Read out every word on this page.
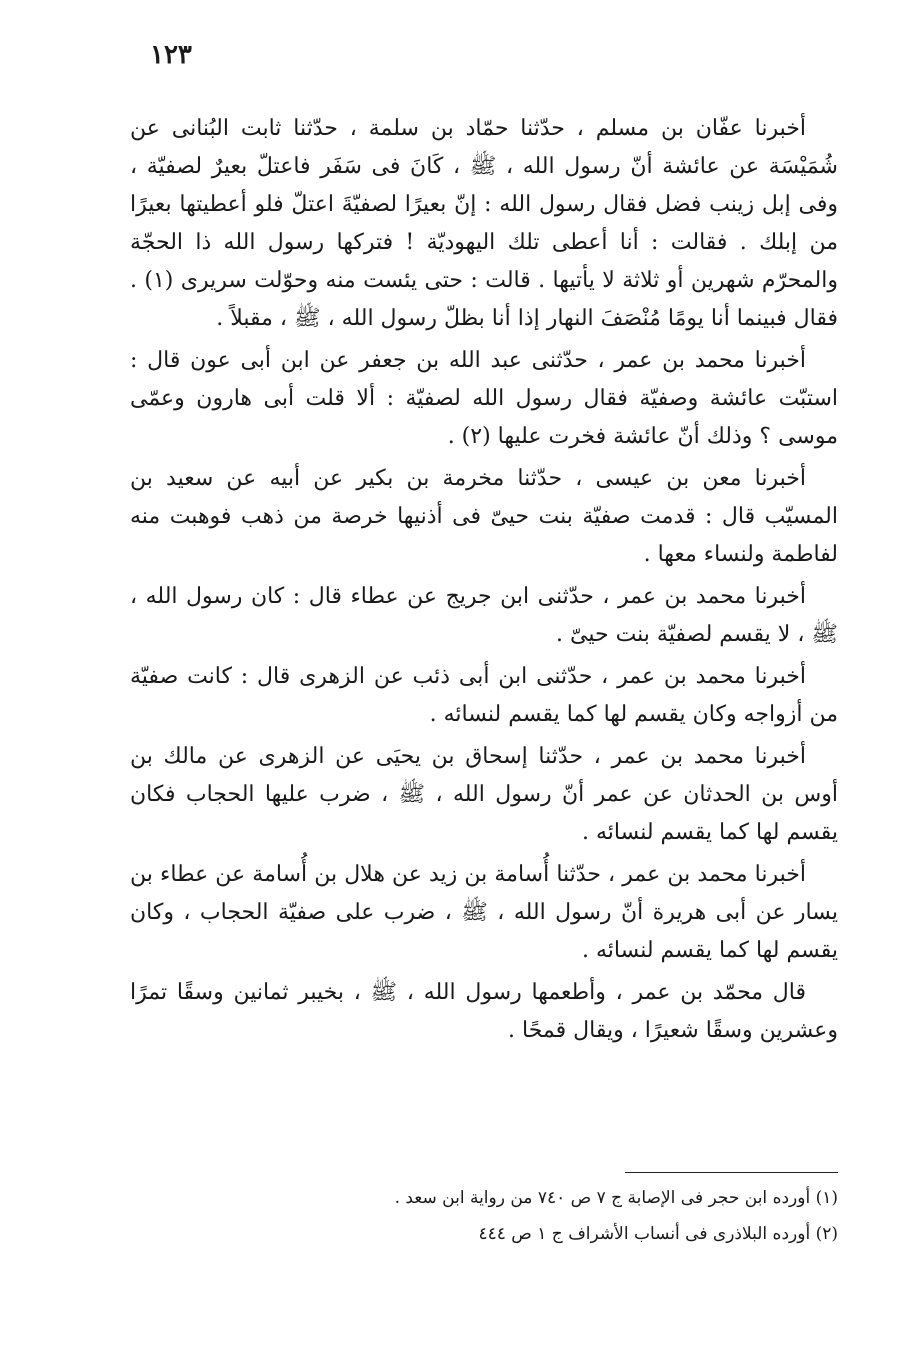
١٢٣

أخبرنا عفّان بن مسلم ، حدّثنا حمّاد بن سلمة ، حدّثنا ثابت البُنانى عن شُمَيْسَة عن عائشة أنّ رسول الله ، ﷺ ، كَانَ فى سَفَر فاعتلّ بعيرٌ لصفيّة ، وفى إبل زينب فضل فقال رسول الله : إنّ بعيرًا لصفيّةَ اعتلّ فلو أعطيتها بعيرًا من إبلك . فقالت : أنا أعطى تلك اليهوديّة ! فتركها رسول الله ذا الحجّة والمحرّم شهرين أو ثلاثة لا يأتيها . قالت : حتى يئست منه وحوّلت سريرى (١) . فقال فبينما أنا يومًا مُنْصَفَ النهار إذا أنا بظلّ رسول الله ، ﷺ ، مقبلاً .

أخبرنا محمد بن عمر ، حدّثنى عبد الله بن جعفر عن ابن أبى عون قال : استبّت عائشة وصفيّة فقال رسول الله لصفيّة : ألا قلت أبى هارون وعمّى موسى ؟ وذلك أنّ عائشة فخرت عليها (٢) .

أخبرنا معن بن عيسى ، حدّثنا مخرمة بن بكير عن أبيه عن سعيد بن المسيّب قال : قدمت صفيّة بنت حيىّ فى أذنيها خرصة من ذهب فوهبت منه لفاطمة ولنساء معها .

أخبرنا محمد بن عمر ، حدّثنى ابن جريج عن عطاء قال : كان رسول الله ، ﷺ ، لا يقسم لصفيّة بنت حيىّ .

أخبرنا محمد بن عمر ، حدّثنى ابن أبى ذئب عن الزهرى قال : كانت صفيّة من أزواجه وكان يقسم لها كما يقسم لنسائه .

أخبرنا محمد بن عمر ، حدّثنا إسحاق بن يحيَى عن الزهرى عن مالك بن أوس بن الحدثان عن عمر أنّ رسول الله ، ﷺ ، ضرب عليها الحجاب فكان يقسم لها كما يقسم لنسائه .

أخبرنا محمد بن عمر ، حدّثنا أُسامة بن زيد عن هلال بن أُسامة عن عطاء بن يسار عن أبى هريرة أنّ رسول الله ، ﷺ ، ضرب على صفيّة الحجاب ، وكان يقسم لها كما يقسم لنسائه .

قال محمّد بن عمر ، وأطعمها رسول الله ، ﷺ ، بخيبر ثمانين وسقًا تمرًا وعشرين وسقًا شعيرًا ، ويقال قمحًا .

(١) أورده ابن حجر فى الإصابة ج ٧ ص ٧٤٠ من رواية ابن سعد .

(٢) أورده البلاذرى فى أنساب الأشراف ج ١ ص ٤٤٤
